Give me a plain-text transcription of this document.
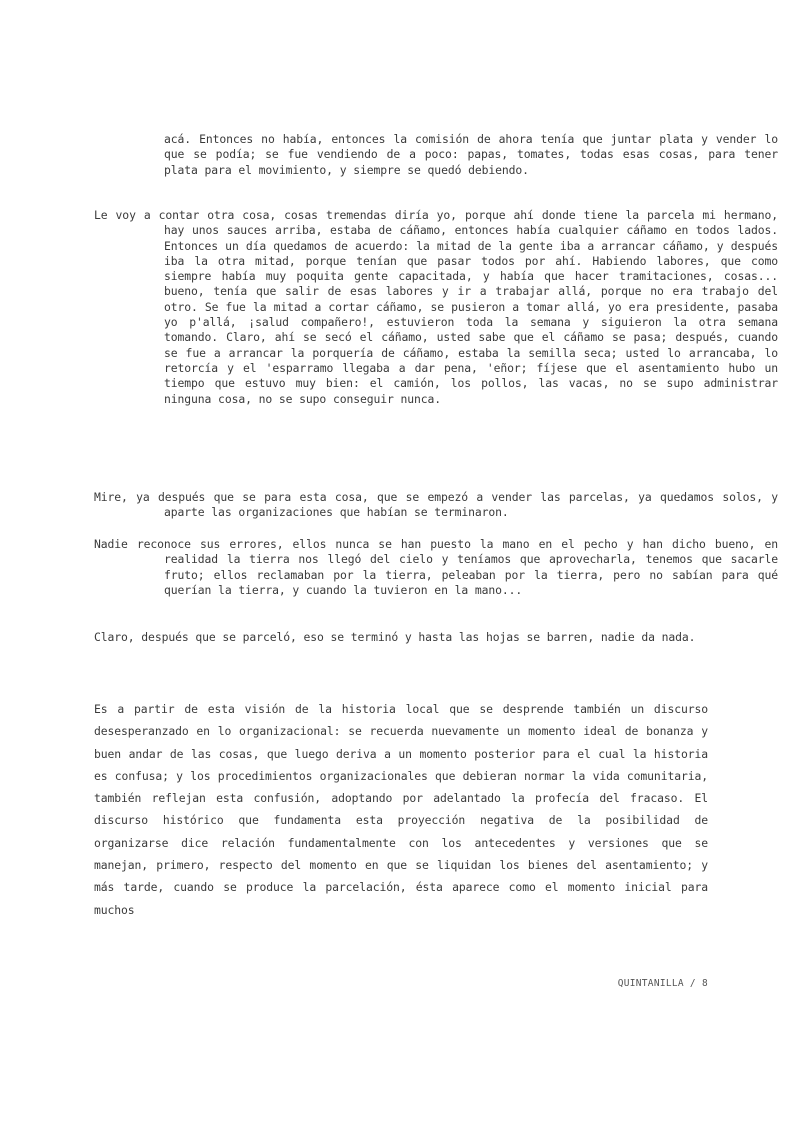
acá. Entonces no había, entonces la comisión de ahora tenía que juntar plata y vender lo que se podía; se fue vendiendo de a poco: papas, tomates, todas esas cosas, para tener plata para el movimiento, y siempre se quedó debiendo.

Le voy a contar otra cosa, cosas tremendas diría yo, porque ahí donde tiene la parcela mi hermano, hay unos sauces arriba, estaba de cáñamo, entonces había cualquier cáñamo en todos lados. Entonces un día quedamos de acuerdo: la mitad de la gente iba a arrancar cáñamo, y después iba la otra mitad, porque tenían que pasar todos por ahí. Habiendo labores, que como siempre había muy poquita gente capacitada, y había que hacer tramitaciones, cosas... bueno, tenía que salir de esas labores y ir a trabajar allá, porque no era trabajo del otro. Se fue la mitad a cortar cáñamo, se pusieron a tomar allá, yo era presidente, pasaba yo p'allá, ¡salud compañero!, estuvieron toda la semana y siguieron la otra semana tomando. Claro, ahí se secó el cáñamo, usted sabe que el cáñamo se pasa; después, cuando se fue a arrancar la porquería de cáñamo, estaba la semilla seca; usted lo arrancaba, lo retorcía y el 'esparramo llegaba a dar pena, 'eñor; fíjese que el asentamiento hubo un tiempo que estuvo muy bien: el camión, los pollos, las vacas, no se supo administrar ninguna cosa, no se supo conseguir nunca.

Mire, ya después que se para esta cosa, que se empezó a vender las parcelas, ya quedamos solos, y aparte las organizaciones que habían se terminaron.

Nadie reconoce sus errores, ellos nunca se han puesto la mano en el pecho y han dicho bueno, en realidad la tierra nos llegó del cielo y teníamos que aprovecharla, tenemos que sacarle fruto; ellos reclamaban por la tierra, peleaban por la tierra, pero no sabían para qué querían la tierra, y cuando la tuvieron en la mano...

Claro, después que se parceló, eso se terminó y hasta las hojas se barren, nadie da nada.

Es a partir de esta visión de la historia local que se desprende también un discurso desesperanzado en lo organizacional: se recuerda nuevamente un momento ideal de bonanza y buen andar de las cosas, que luego deriva a un momento posterior para el cual la historia es confusa; y los procedimientos organizacionales que debieran normar la vida comunitaria, también reflejan esta confusión, adoptando por adelantado la profecía del fracaso. El discurso histórico que fundamenta esta proyección negativa de la posibilidad de organizarse dice relación fundamentalmente con los antecedentes y versiones que se manejan, primero, respecto del momento en que se liquidan los bienes del asentamiento; y más tarde, cuando se produce la parcelación, ésta aparece como el momento inicial para muchos

QUINTANILLA / 8
